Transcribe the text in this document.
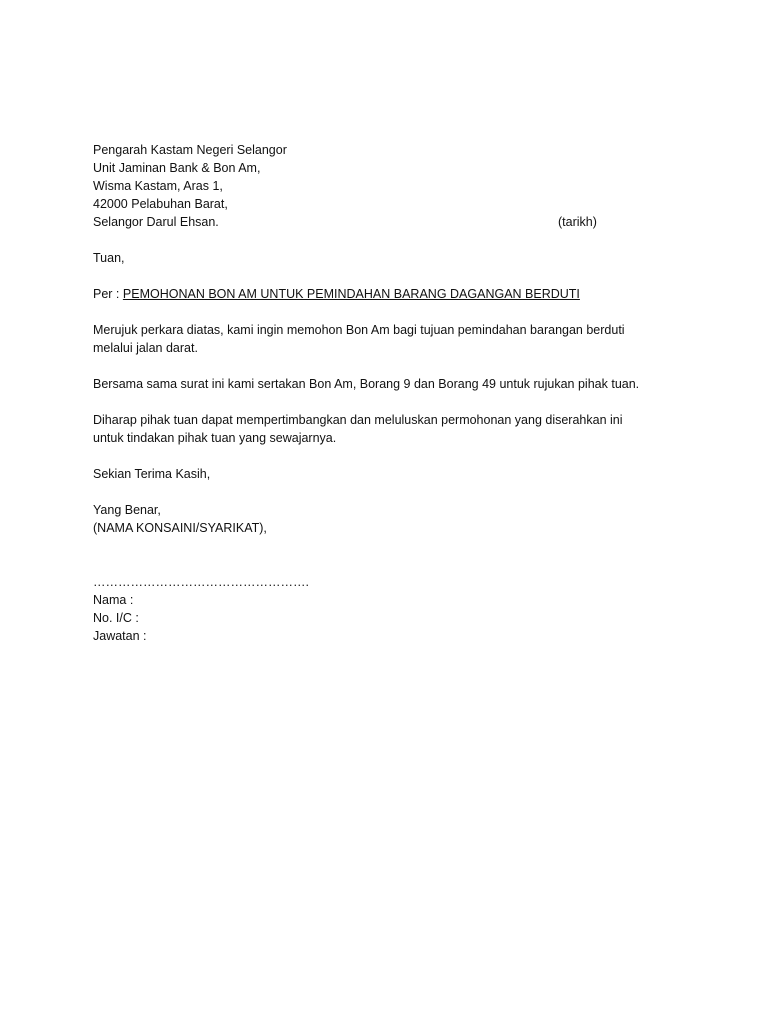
Pengarah Kastam Negeri Selangor
Unit Jaminan Bank & Bon Am,
Wisma Kastam, Aras 1,
42000 Pelabuhan Barat,
Selangor Darul Ehsan.	(tarikh)
Tuan,
Per : PEMOHONAN BON AM UNTUK PEMINDAHAN BARANG DAGANGAN BERDUTI
Merujuk perkara diatas, kami ingin memohon Bon Am bagi tujuan pemindahan barangan berduti
melalui jalan darat.
Bersama sama surat ini kami sertakan Bon Am, Borang 9 dan Borang 49 untuk rujukan pihak tuan.
Diharap pihak tuan dapat mempertimbangkan dan meluluskan permohonan yang diserahkan ini
untuk tindakan pihak tuan yang sewajarnya.
Sekian Terima Kasih,
Yang Benar,
(NAMA KONSAINI/SYARIKAT),
…………………………………………….
Nama :
No. I/C :
Jawatan :
